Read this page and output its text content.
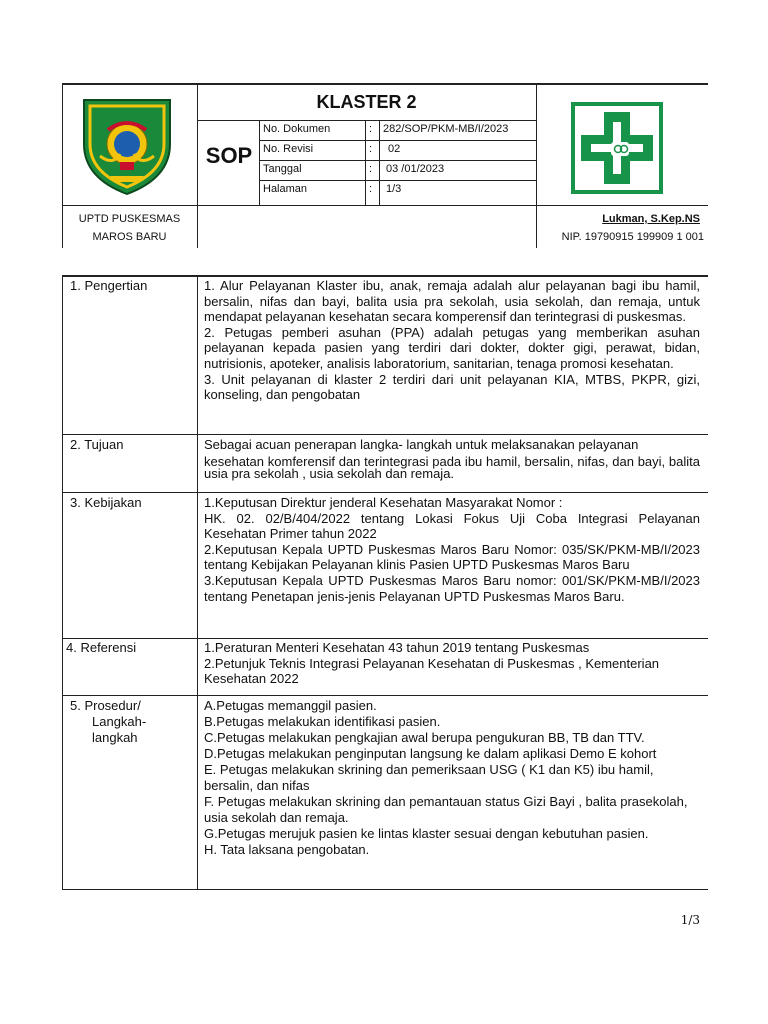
KLASTER 2
SOP
No. Dokumen	: 282/SOP/PKM-MB/I/2023
No. Revisi	: 02
Tanggal	: 03 /01/2023
Halaman	: 1/3
UPTD PUSKESMAS
MAROS BARU
Lukman, S.Kep.NS
NIP. 19790915 199909 1 001
1. Pengertian	1. Alur Pelayanan Klaster ibu, anak, remaja adalah alur pelayanan bagi ibu hamil, bersalin, nifas dan bayi, balita usia pra sekolah, usia sekolah, dan remaja, untuk mendapat pelayanan kesehatan secara komperensif dan terintegrasi di puskesmas.

2. Petugas pemberi asuhan (PPA) adalah petugas yang memberikan asuhan pelayanan kepada pasien yang terdiri dari dokter, dokter gigi, perawat, bidan, nutrisionis, apoteker, analisis laboratorium, sanitarian, tenaga promosi kesehatan.

3. Unit pelayanan di klaster 2 terdiri dari unit pelayanan KIA, MTBS, PKPR, gizi, konseling, dan pengobatan

2. Tujuan	Sebagai acuan penerapan langka- langkah untuk melaksanakan pelayanan

kesehatan komferensif dan terintegrasi pada ibu hamil, bersalin, nifas, dan bayi, balita usia pra sekolah , usia sekolah dan remaja.

3. Kebijakan	1.Keputusan Direktur jenderal Kesehatan Masyarakat Nomor :

HK. 02. 02/B/404/2022 tentang Lokasi Fokus Uji Coba Integrasi Pelayanan Kesehatan Primer tahun 2022

2.Keputusan Kepala UPTD Puskesmas Maros Baru Nomor: 035/SK/PKM-MB/I/2023 tentang Kebijakan Pelayanan klinis Pasien UPTD Puskesmas Maros Baru

3.Keputusan Kepala UPTD Puskesmas Maros Baru nomor: 001/SK/PKM-MB/I/2023 tentang Penetapan jenis-jenis Pelayanan UPTD Puskesmas Maros Baru.

4. Referensi	1.Peraturan Menteri Kesehatan 43 tahun 2019 tentang Puskesmas

2.Petunjuk Teknis Integrasi Pelayanan Kesehatan di Puskesmas , Kementerian Kesehatan 2022

5. Prosedur/
Langkah-
langkah

A.Petugas memanggil pasien.

B.Petugas melakukan identifikasi pasien.

C.Petugas melakukan pengkajian awal berupa pengukuran BB, TB dan TTV.

D.Petugas melakukan penginputan langsung ke dalam aplikasi Demo E kohort

E. Petugas melakukan skrining dan pemeriksaan USG ( K1 dan K5) ibu hamil, bersalin, dan nifas

F. Petugas melakukan skrining dan pemantauan status Gizi Bayi , balita prasekolah, usia sekolah dan remaja.

G.Petugas merujuk pasien ke lintas klaster sesuai dengan kebutuhan pasien.

H. Tata laksana pengobatan.

1/3
